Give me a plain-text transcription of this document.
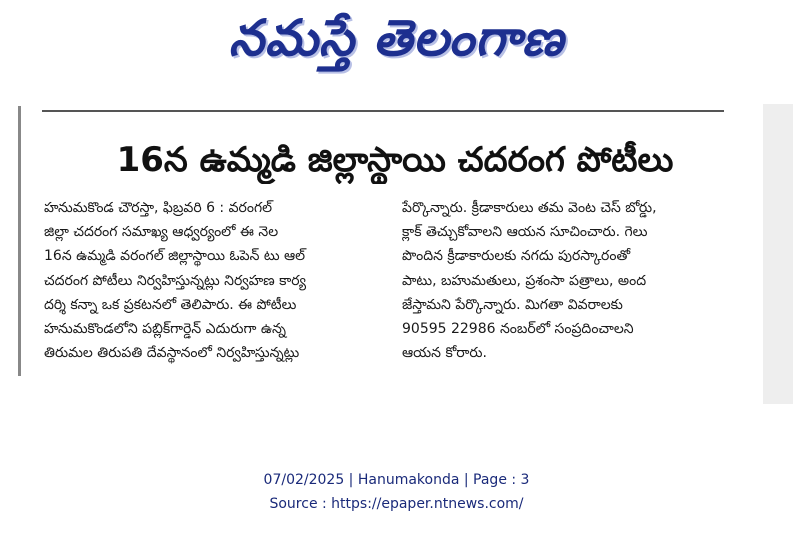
నమస్తే తెలంగాణ
16న ఉమ్మడి జిల్లాస్థాయి చదరంగ పోటీలు
హనుమకొండ చౌరస్తా, ఫిబ్రవరి 6 : వరంగల్
జిల్లా చదరంగ సమాఖ్య ఆధ్వర్యంలో ఈ నెల
16న ఉమ్మడి వరంగల్ జిల్లాస్థాయి ఓపెన్ టు ఆల్
చదరంగ పోటీలు నిర్వహిస్తున్నట్లు నిర్వహణ కార్య
దర్శి కన్నా ఒక ప్రకటనలో తెలిపారు. ఈ పోటీలు
హనుమకొండలోని పబ్లిక్‌గార్డెన్ ఎదురుగా ఉన్న
తిరుమల తిరుపతి దేవస్థానంలో నిర్వహిస్తున్నట్లు
పేర్కొన్నారు. క్రీడాకారులు తమ వెంట చెస్ బోర్డు,
క్లాక్ తెచ్చుకోవాలని ఆయన సూచించారు. గెలు
పొందిన క్రీడాకారులకు నగదు పురస్కారంతో
పాటు, బహుమతులు, ప్రశంసా పత్రాలు, అంద
జేస్తామని పేర్కొన్నారు. మిగతా వివరాలకు
90595 22986 నంబర్‌లో సంప్రదించాలని
ఆయన కోరారు.
07/02/2025 | Hanumakonda | Page : 3
Source : https://epaper.ntnews.com/
